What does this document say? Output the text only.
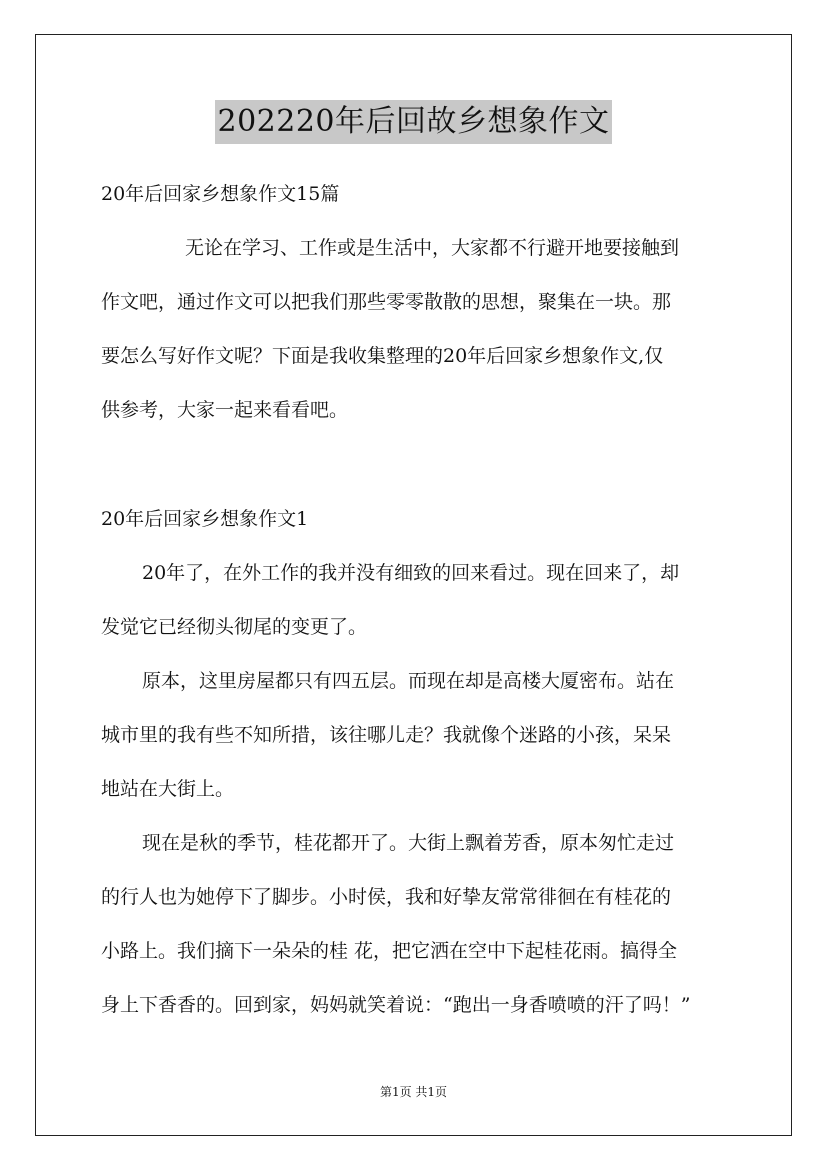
202220年后回故乡想象作文

20年后回家乡想象作文15篇

无论在学习、工作或是生活中，大家都不行避开地要接触到

作文吧，通过作文可以把我们那些零零散散的思想，聚集在一块。那

要怎么写好作文呢？下面是我收集整理的20年后回家乡想象作文,仅

供参考，大家一起来看看吧。

20年后回家乡想象作文1

20年了，在外工作的我并没有细致的回来看过。现在回来了，却

发觉它已经彻头彻尾的变更了。

原本，这里房屋都只有四五层。而现在却是高楼大厦密布。站在

城市里的我有些不知所措，该往哪儿走？我就像个迷路的小孩，呆呆

地站在大街上。

现在是秋的季节，桂花都开了。大街上飘着芳香，原本匆忙走过

的行人也为她停下了脚步。小时侯，我和好挚友常常徘徊在有桂花的

小路上。我们摘下一朵朵的桂 花，把它洒在空中下起桂花雨。搞得全

身上下香香的。回到家，妈妈就笑着说：“跑出一身香喷喷的汗了吗！”

第1页 共1页
